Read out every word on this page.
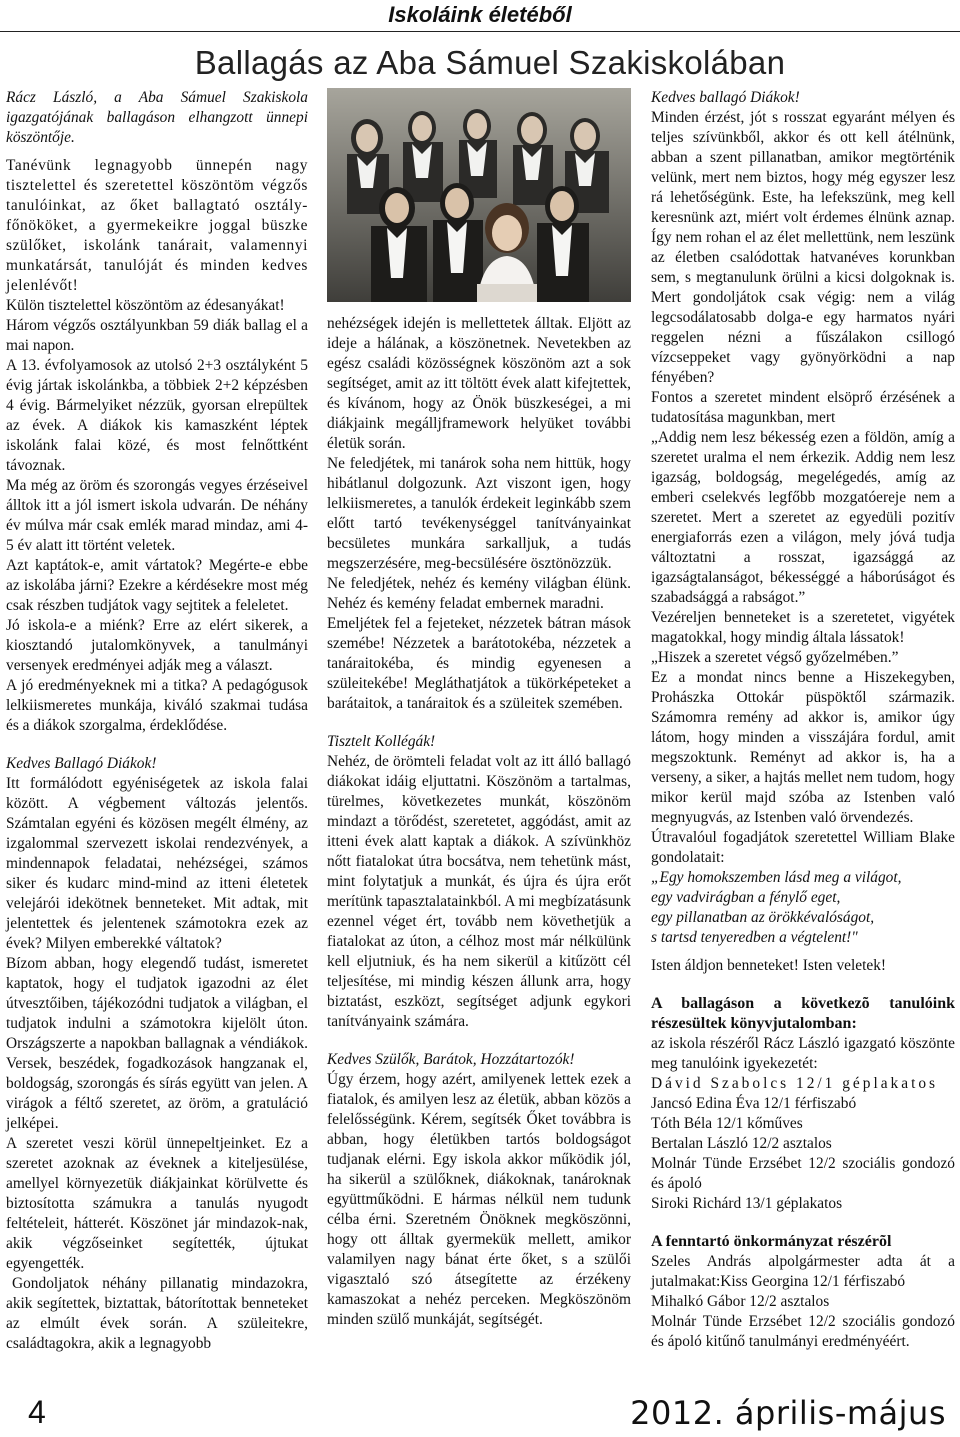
Iskoláink életéből
Ballagás az Aba Sámuel Szakiskolában

Rácz László, a Aba Sámuel Szakiskola igazgatójának ballagáson elhangzott ünnepi köszöntője.

Tanévünk legnagyobb ünnepén nagy tisztelettel és szeretettel köszöntöm végzős tanulóinkat, az őket ballagtató osztály-főnököket, a gyermekeikre joggal büszke szülőket, iskolánk tanárait, valamennyi munkatársát, tanulóját és minden kedves jelenlévőt!

Külön tisztelettel köszöntöm az édesanyákat!

Három végzős osztályunkban 59 diák ballag el a mai napon.

A 13. évfolyamosok az utolsó 2+3 osztályként 5 évig jártak iskolánkba, a többiek 2+2 képzésben 4 évig. Bármelyiket nézzük, gyorsan elrepültek az évek. A diákok kis kamaszként léptek iskolánk falai közé, és most felnőttként távoznak.

Ma még az öröm és szorongás vegyes érzéseivel álltok itt a jól ismert iskola udvarán. De néhány év múlva már csak emlék marad mindaz, ami 4-5 év alatt itt történt veletek.

Azt kaptátok-e, amit vártatok? Megérte-e ebbe az iskolába járni? Ezekre a kérdésekre most még csak részben tudjátok vagy sejtitek a feleletet.

Jó iskola-e a miénk? Erre az elért sikerek, a kiosztandó jutalomkönyvek, a tanulmányi versenyek eredményei adják meg a választ.

A jó eredményeknek mi a titka? A pedagógusok lelkiismeretes munkája, kiváló szakmai tudása és a diákok szorgalma, érdeklődése.

Kedves Ballagó Diákok!

Itt formálódott egyéniségetek az iskola falai között. A végbement változás jelentős. Számtalan egyéni és közösen megélt élmény, az izgalommal szervezett iskolai rendezvények, a mindennapok feladatai, nehézségei, számos siker és kudarc mind-mind az itteni életetek velejárói idekötnek benneteket. Mit adtak, mit jelentettek és jelentenek számotokra ezek az évek? Milyen emberekké váltatok?

Bízom abban, hogy elegendő tudást, ismeretet kaptatok, hogy el tudjatok igazodni az élet útvesztőiben, tájékozódni tudjatok a világban, el tudjatok indulni a számotokra kijelölt úton. Országszerte a napokban ballagnak a véndiákok. Versek, beszédek, fogadkozások hangzanak el, boldogság, szorongás és sírás együtt van jelen. A virágok a féltő szeretet, az öröm, a gratuláció jelképei.

A szeretet veszi körül ünnepeltjeinket. Ez a szeretet azoknak az éveknek a kiteljesülése, amellyel környezetük diákjainkat körülvette és biztosította számukra a tanulás nyugodt feltételeit, hátterét. Köszönet jár mindazok-nak, akik végzőseinket segítették, újtukat egyengették.

Gondoljatok néhány pillanatig mindazokra, akik segítettek, biztattak, bátorítottak benneteket az elmúlt évek során. A szüleitekre, családtagokra, akik a legnagyobb

nehézségek idején is mellettetek álltak. Eljött az ideje a hálának, a köszönetnek. Nevetekben az egész családi közösségnek köszönöm azt a sok segítséget, amit az itt töltött évek alatt kifejtettek, és kívánom, hogy az Önök büszkeségei, a mi diákjaink megálljframework helyüket további életük során.

Ne feledjétek, mi tanárok soha nem hittük, hogy hibátlanul dolgozunk. Azt viszont igen, hogy lelkiismeretes, a tanulók érdekeit leginkább szem előtt tartó tevékenységgel tanítványainkat becsületes munkára sarkalljuk, a tudás megszerzésére, meg-becsülésére ösztönözzük.

Ne feledjétek, nehéz és kemény világban élünk. Nehéz és kemény feladat embernek maradni.

Emeljétek fel a fejeteket, nézzetek bátran mások szemébe! Nézzetek a barátotokéba, nézzetek a tanáraitokéba, és mindig egyenesen a szüleitekébe! Megláthatjátok a tükörképeteket a barátaitok, a tanáraitok és a szüleitek szemében.

Tisztelt Kollégák!

Nehéz, de örömteli feladat volt az itt álló ballagó diákokat idáig eljuttatni. Köszönöm a tartalmas, türelmes, következetes munkát, köszönöm mindazt a törődést, szeretetet, aggódást, amit az itteni évek alatt kaptak a diákok. A szívünkhöz nőtt fiatalokat útra bocsátva, nem tehetünk mást, mint folytatjuk a munkát, és újra és újra erőt merítünk tapasztalatainkból. A mi megbízatásunk ezennel véget ért, tovább nem követhetjük a fiatalokat az úton, a célhoz most már nélkülünk kell eljutniuk, és ha nem sikerül a kitűzött cél teljesítése, mi mindig készen állunk arra, hogy biztatást, eszközt, segítséget adjunk egykori tanítványaink számára.

Kedves Szülők, Barátok, Hozzátartozók!

Úgy érzem, hogy azért, amilyenek lettek ezek a fiatalok, és amilyen lesz az életük, abban közös a felelősségünk. Kérem, segítsék Őket továbbra is abban, hogy életükben tartós boldogságot tudjanak elérni. Egy iskola akkor működik jól, ha sikerül a szülőknek, diákoknak, tanároknak együttműködni. E hármas nélkül nem tudunk célba érni. Szeretném Önöknek megköszönni, hogy ott álltak gyermekük mellett, amikor valamilyen nagy bánat érte őket, s a szülői vigasztaló szó átsegítette az érzékeny kamaszokat a nehéz perceken. Megköszönöm minden szülő munkáját, segítségét.

Kedves ballagó Diákok!

Minden érzést, jót s rosszat egyaránt mélyen és teljes szívünkből, akkor és ott kell átélnünk, abban a szent pillanatban, amikor megtörténik velünk, mert nem biztos, hogy még egyszer lesz rá lehetőségünk. Este, ha lefekszünk, meg kell keresnünk azt, miért volt érdemes élnünk aznap. Így nem rohan el az élet mellettünk, nem leszünk az életben csalódottak hatvanéves korunkban sem, s megtanulunk örülni a kicsi dolgoknak is. Mert gondoljátok csak végig: nem a világ legcsodálatosabb dolga-e egy harmatos nyári reggelen nézni a fűszálakon csillogó vízcseppeket vagy gyönyörködni a nap fényében?

Fontos a szeretet mindent elsöprő érzésének a tudatosítása magunkban, mert

„Addig nem lesz békesség ezen a földön, amíg a szeretet uralma el nem érkezik. Addig nem lesz igazság, boldogság, megelégedés, amíg az emberi cselekvés legfőbb mozgatóereje nem a szeretet. Mert a szeretet az egyedüli pozitív energiaforrás ezen a világon, mely jóvá tudja változtatni a rosszat, igazsággá az igazságtalanságot, békességgé a háborúságot és szabadsággá a rabságot.”

Vezéreljen benneteket is a szeretetet, vigyétek magatokkal, hogy mindig általa lássatok!

„Hiszek a szeretet végső győzelmében.”

Ez a mondat nincs benne a Hiszekegyben, Prohászka Ottokár püspöktől származik. Számomra remény ad akkor is, amikor úgy látom, hogy minden a visszájára fordul, amit megszoktunk. Reményt ad akkor is, ha a verseny, a siker, a hajtás mellet nem tudom, hogy mikor kerül majd szóba az Istenben való megnyugvás, az Istenben való örvendezés.

Útravalóul fogadjátok szeretettel William Blake gondolatait:

„Egy homokszemben lásd meg a világot,

egy vadvirágban a fénylő eget,

egy pillanatban az örökkévalóságot,

s tartsd tenyeredben a végtelent!"

Isten áldjon benneteket! Isten veletek!

A ballagáson a következõ tanulóink részesültek könyvjutalomban:

az iskola részéről Rácz László igazgató köszönte meg tanulóink igyekezetét:

Dávid Szabolcs 12/1 géplakatos

Jancsó Edina Éva 12/1 férfiszabó

Tóth Béla 12/1 kőműves

Bertalan László 12/2 asztalos

Molnár Tünde Erzsébet 12/2 szociális gondozó és ápoló

Siroki Richárd 13/1 géplakatos

A fenntartó önkormányzat részérõl

Szeles András alpolgármester adta át a jutalmakat:Kiss Georgina 12/1 férfiszabó

Mihalkó Gábor 12/2 asztalos

Molnár Tünde Erzsébet 12/2 szociális gondozó és ápoló kitűnő tanulmányi eredményéért.

4	2012. április-május
